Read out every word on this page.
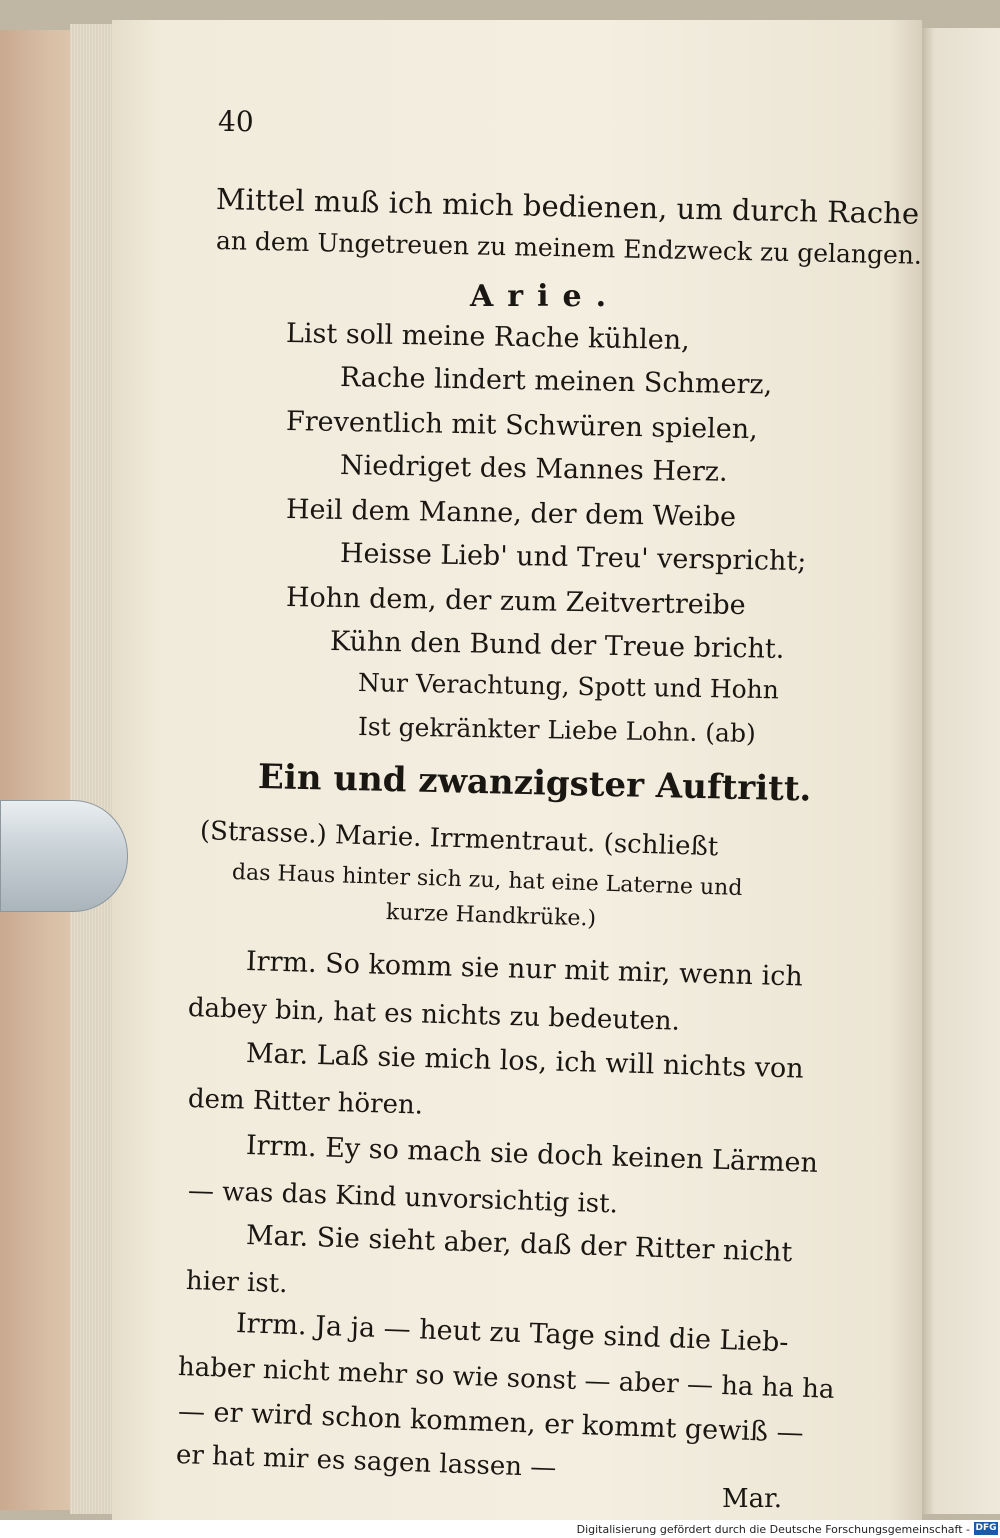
40
Mittel muß ich mich bedienen, um durch Rache
an dem Ungetreuen zu meinem Endzweck zu gelangen.
Arie.
List soll meine Rache kühlen,
Rache lindert meinen Schmerz,
Freventlich mit Schwüren spielen,
Niedriget des Mannes Herz.
Heil dem Manne, der dem Weibe
Heisse Lieb' und Treu' verspricht;
Hohn dem, der zum Zeitvertreibe
Kühn den Bund der Treue bricht.
Nur Verachtung, Spott und Hohn
Ist gekränkter Liebe Lohn. (ab)
Ein und zwanzigster Auftritt.
(Strasse.) Marie. Irrmentraut. (schließt
das Haus hinter sich zu, hat eine Laterne und
kurze Handkrüke.)
Irrm. So komm sie nur mit mir, wenn ich
dabey bin, hat es nichts zu bedeuten.
Mar. Laß sie mich los, ich will nichts von
dem Ritter hören.
Irrm. Ey so mach sie doch keinen Lärmen
— was das Kind unvorsichtig ist.
Mar. Sie sieht aber, daß der Ritter nicht
hier ist.
Irrm. Ja ja — heut zu Tage sind die Lieb-
haber nicht mehr so wie sonst — aber — ha ha ha
— er wird schon kommen, er kommt gewiß —
er hat mir es sagen lassen —
Mar.
Digitalisierung gefördert durch die Deutsche Forschungsgemeinschaft - DFG
